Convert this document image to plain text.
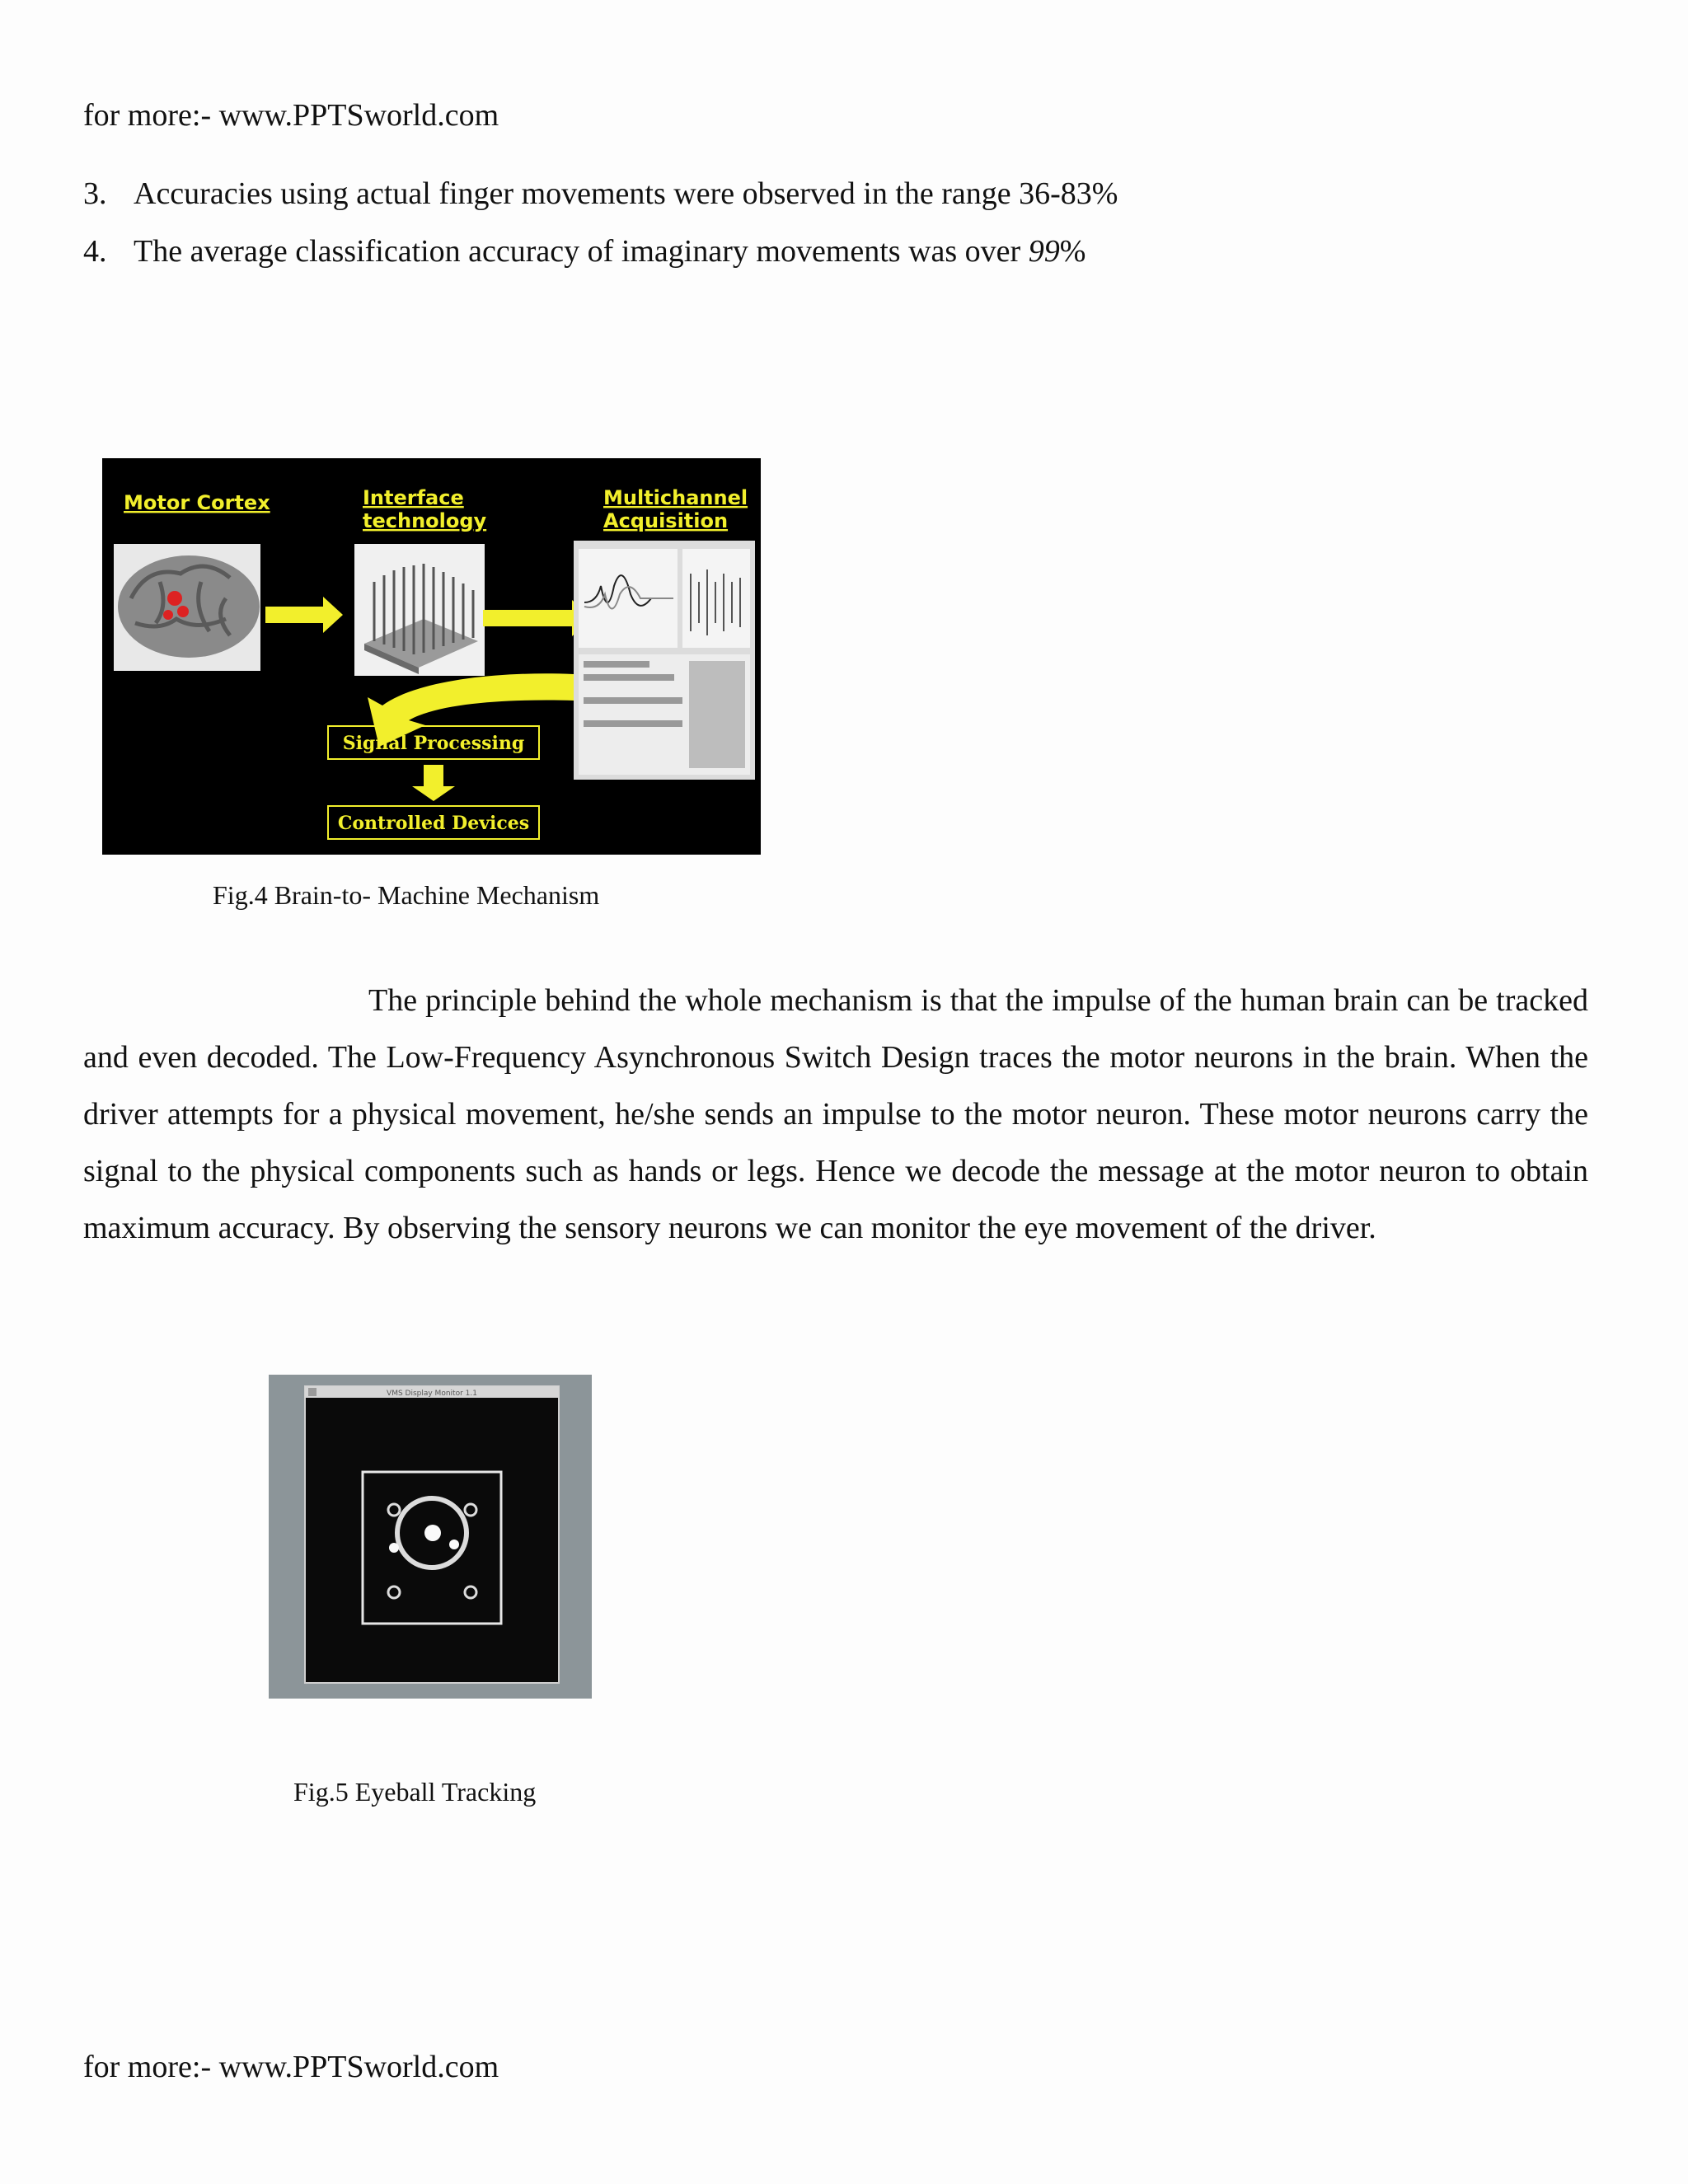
for more:- www.PPTSworld.com
3. Accuracies using actual finger movements were observed in the range 36-83%
4. The average classification accuracy of imaginary movements was over 99%
Motor Cortex	Interface
technology
Multichannel
Acquisition
Signal Processing
Controlled Devices
Fig.4 Brain-to- Machine Mechanism

The principle behind the whole mechanism is that the impulse of the human brain can be tracked and even decoded. The Low-Frequency Asynchronous Switch Design traces the motor neurons in the brain. When the driver attempts for a physical movement, he/she sends an impulse to the motor neuron. These motor neurons carry the signal to the physical components such as hands or legs. Hence we decode the message at the motor neuron to obtain maximum accuracy. By observing the sensory neurons we can monitor the eye movement of the driver.

VMS Display Monitor 1.1
Fig.5 Eyeball Tracking
for more:- www.PPTSworld.com
